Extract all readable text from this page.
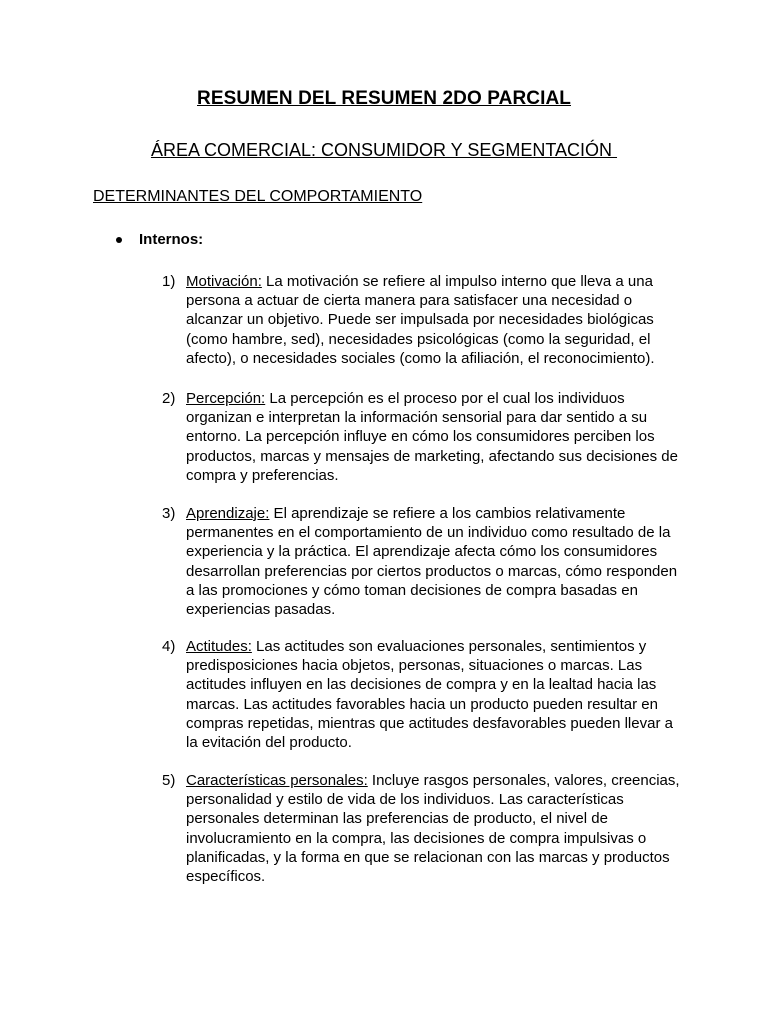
RESUMEN DEL RESUMEN 2DO PARCIAL
ÁREA COMERCIAL: CONSUMIDOR Y SEGMENTACIÓN
DETERMINANTES DEL COMPORTAMIENTO
Internos:
1) Motivación: La motivación se refiere al impulso interno que lleva a una persona a actuar de cierta manera para satisfacer una necesidad o alcanzar un objetivo. Puede ser impulsada por necesidades biológicas (como hambre, sed), necesidades psicológicas (como la seguridad, el afecto), o necesidades sociales (como la afiliación, el reconocimiento).
2) Percepción: La percepción es el proceso por el cual los individuos organizan e interpretan la información sensorial para dar sentido a su entorno. La percepción influye en cómo los consumidores perciben los productos, marcas y mensajes de marketing, afectando sus decisiones de compra y preferencias.
3) Aprendizaje: El aprendizaje se refiere a los cambios relativamente permanentes en el comportamiento de un individuo como resultado de la experiencia y la práctica. El aprendizaje afecta cómo los consumidores desarrollan preferencias por ciertos productos o marcas, cómo responden a las promociones y cómo toman decisiones de compra basadas en experiencias pasadas.
4) Actitudes: Las actitudes son evaluaciones personales, sentimientos y predisposiciones hacia objetos, personas, situaciones o marcas. Las actitudes influyen en las decisiones de compra y en la lealtad hacia las marcas. Las actitudes favorables hacia un producto pueden resultar en compras repetidas, mientras que actitudes desfavorables pueden llevar a la evitación del producto.
5) Características personales: Incluye rasgos personales, valores, creencias, personalidad y estilo de vida de los individuos. Las características personales determinan las preferencias de producto, el nivel de involucramiento en la compra, las decisiones de compra impulsivas o planificadas, y la forma en que se relacionan con las marcas y productos específicos.
